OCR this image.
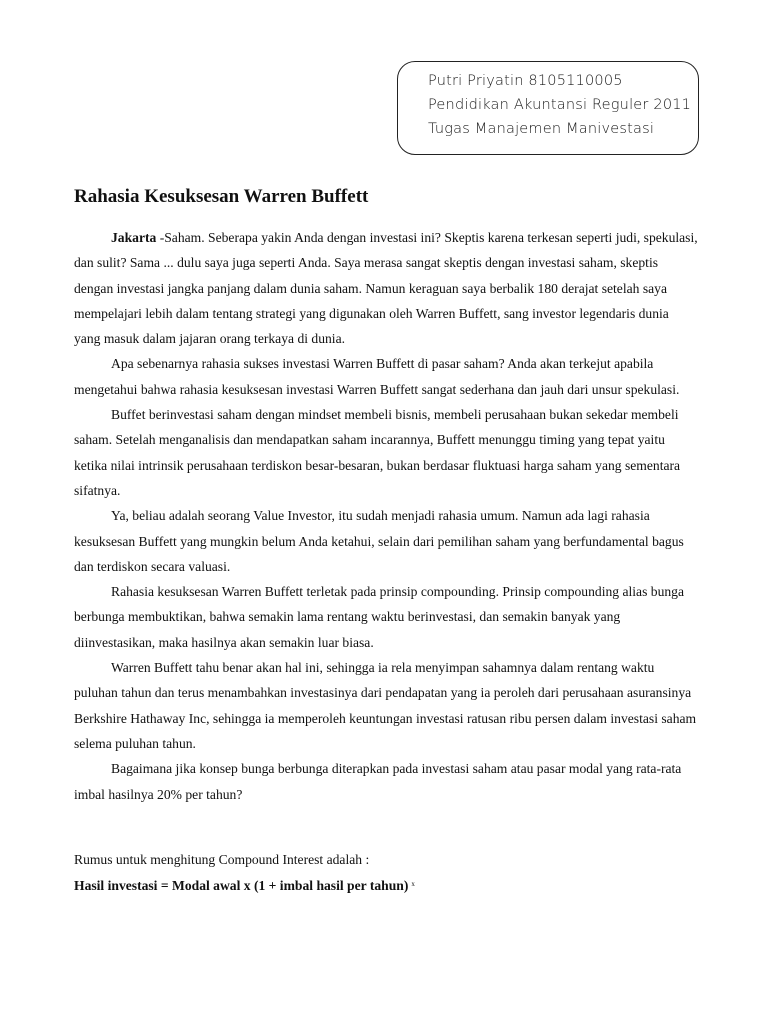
Putri Priyatin 8105110005
Pendidikan Akuntansi Reguler 2011
Tugas Manajemen Manivestasi
Rahasia Kesuksesan Warren Buffett

Jakarta -Saham. Seberapa yakin Anda dengan investasi ini? Skeptis karena terkesan seperti judi, spekulasi, dan sulit? Sama ... dulu saya juga seperti Anda. Saya merasa sangat skeptis dengan investasi saham, skeptis dengan investasi jangka panjang dalam dunia saham. Namun keraguan saya berbalik 180 derajat setelah saya mempelajari lebih dalam tentang strategi yang digunakan oleh Warren Buffett, sang investor legendaris dunia yang masuk dalam jajaran orang terkaya di dunia.

Apa sebenarnya rahasia sukses investasi Warren Buffett di pasar saham? Anda akan terkejut apabila mengetahui bahwa rahasia kesuksesan investasi Warren Buffett sangat sederhana dan jauh dari unsur spekulasi.

Buffet berinvestasi saham dengan mindset membeli bisnis, membeli perusahaan bukan sekedar membeli saham. Setelah menganalisis dan mendapatkan saham incarannya, Buffett menunggu timing yang tepat yaitu ketika nilai intrinsik perusahaan terdiskon besar-besaran, bukan berdasar fluktuasi harga saham yang sementara sifatnya.

Ya, beliau adalah seorang Value Investor, itu sudah menjadi rahasia umum. Namun ada lagi rahasia kesuksesan Buffett yang mungkin belum Anda ketahui, selain dari pemilihan saham yang berfundamental bagus dan terdiskon secara valuasi.

Rahasia kesuksesan Warren Buffett terletak pada prinsip compounding. Prinsip compounding alias bunga berbunga membuktikan, bahwa semakin lama rentang waktu berinvestasi, dan semakin banyak yang diinvestasikan, maka hasilnya akan semakin luar biasa.

Warren Buffett tahu benar akan hal ini, sehingga ia rela menyimpan sahamnya dalam rentang waktu puluhan tahun dan terus menambahkan investasinya dari pendapatan yang ia peroleh dari perusahaan asuransinya Berkshire Hathaway Inc, sehingga ia memperoleh keuntungan investasi ratusan ribu persen dalam investasi saham selema puluhan tahun.

Bagaimana jika konsep bunga berbunga diterapkan pada investasi saham atau pasar modal yang rata-rata imbal hasilnya 20% per tahun?

Rumus untuk menghitung Compound Interest adalah :
Hasil investasi = Modal awal x (1 + imbal hasil per tahun) $^x$
